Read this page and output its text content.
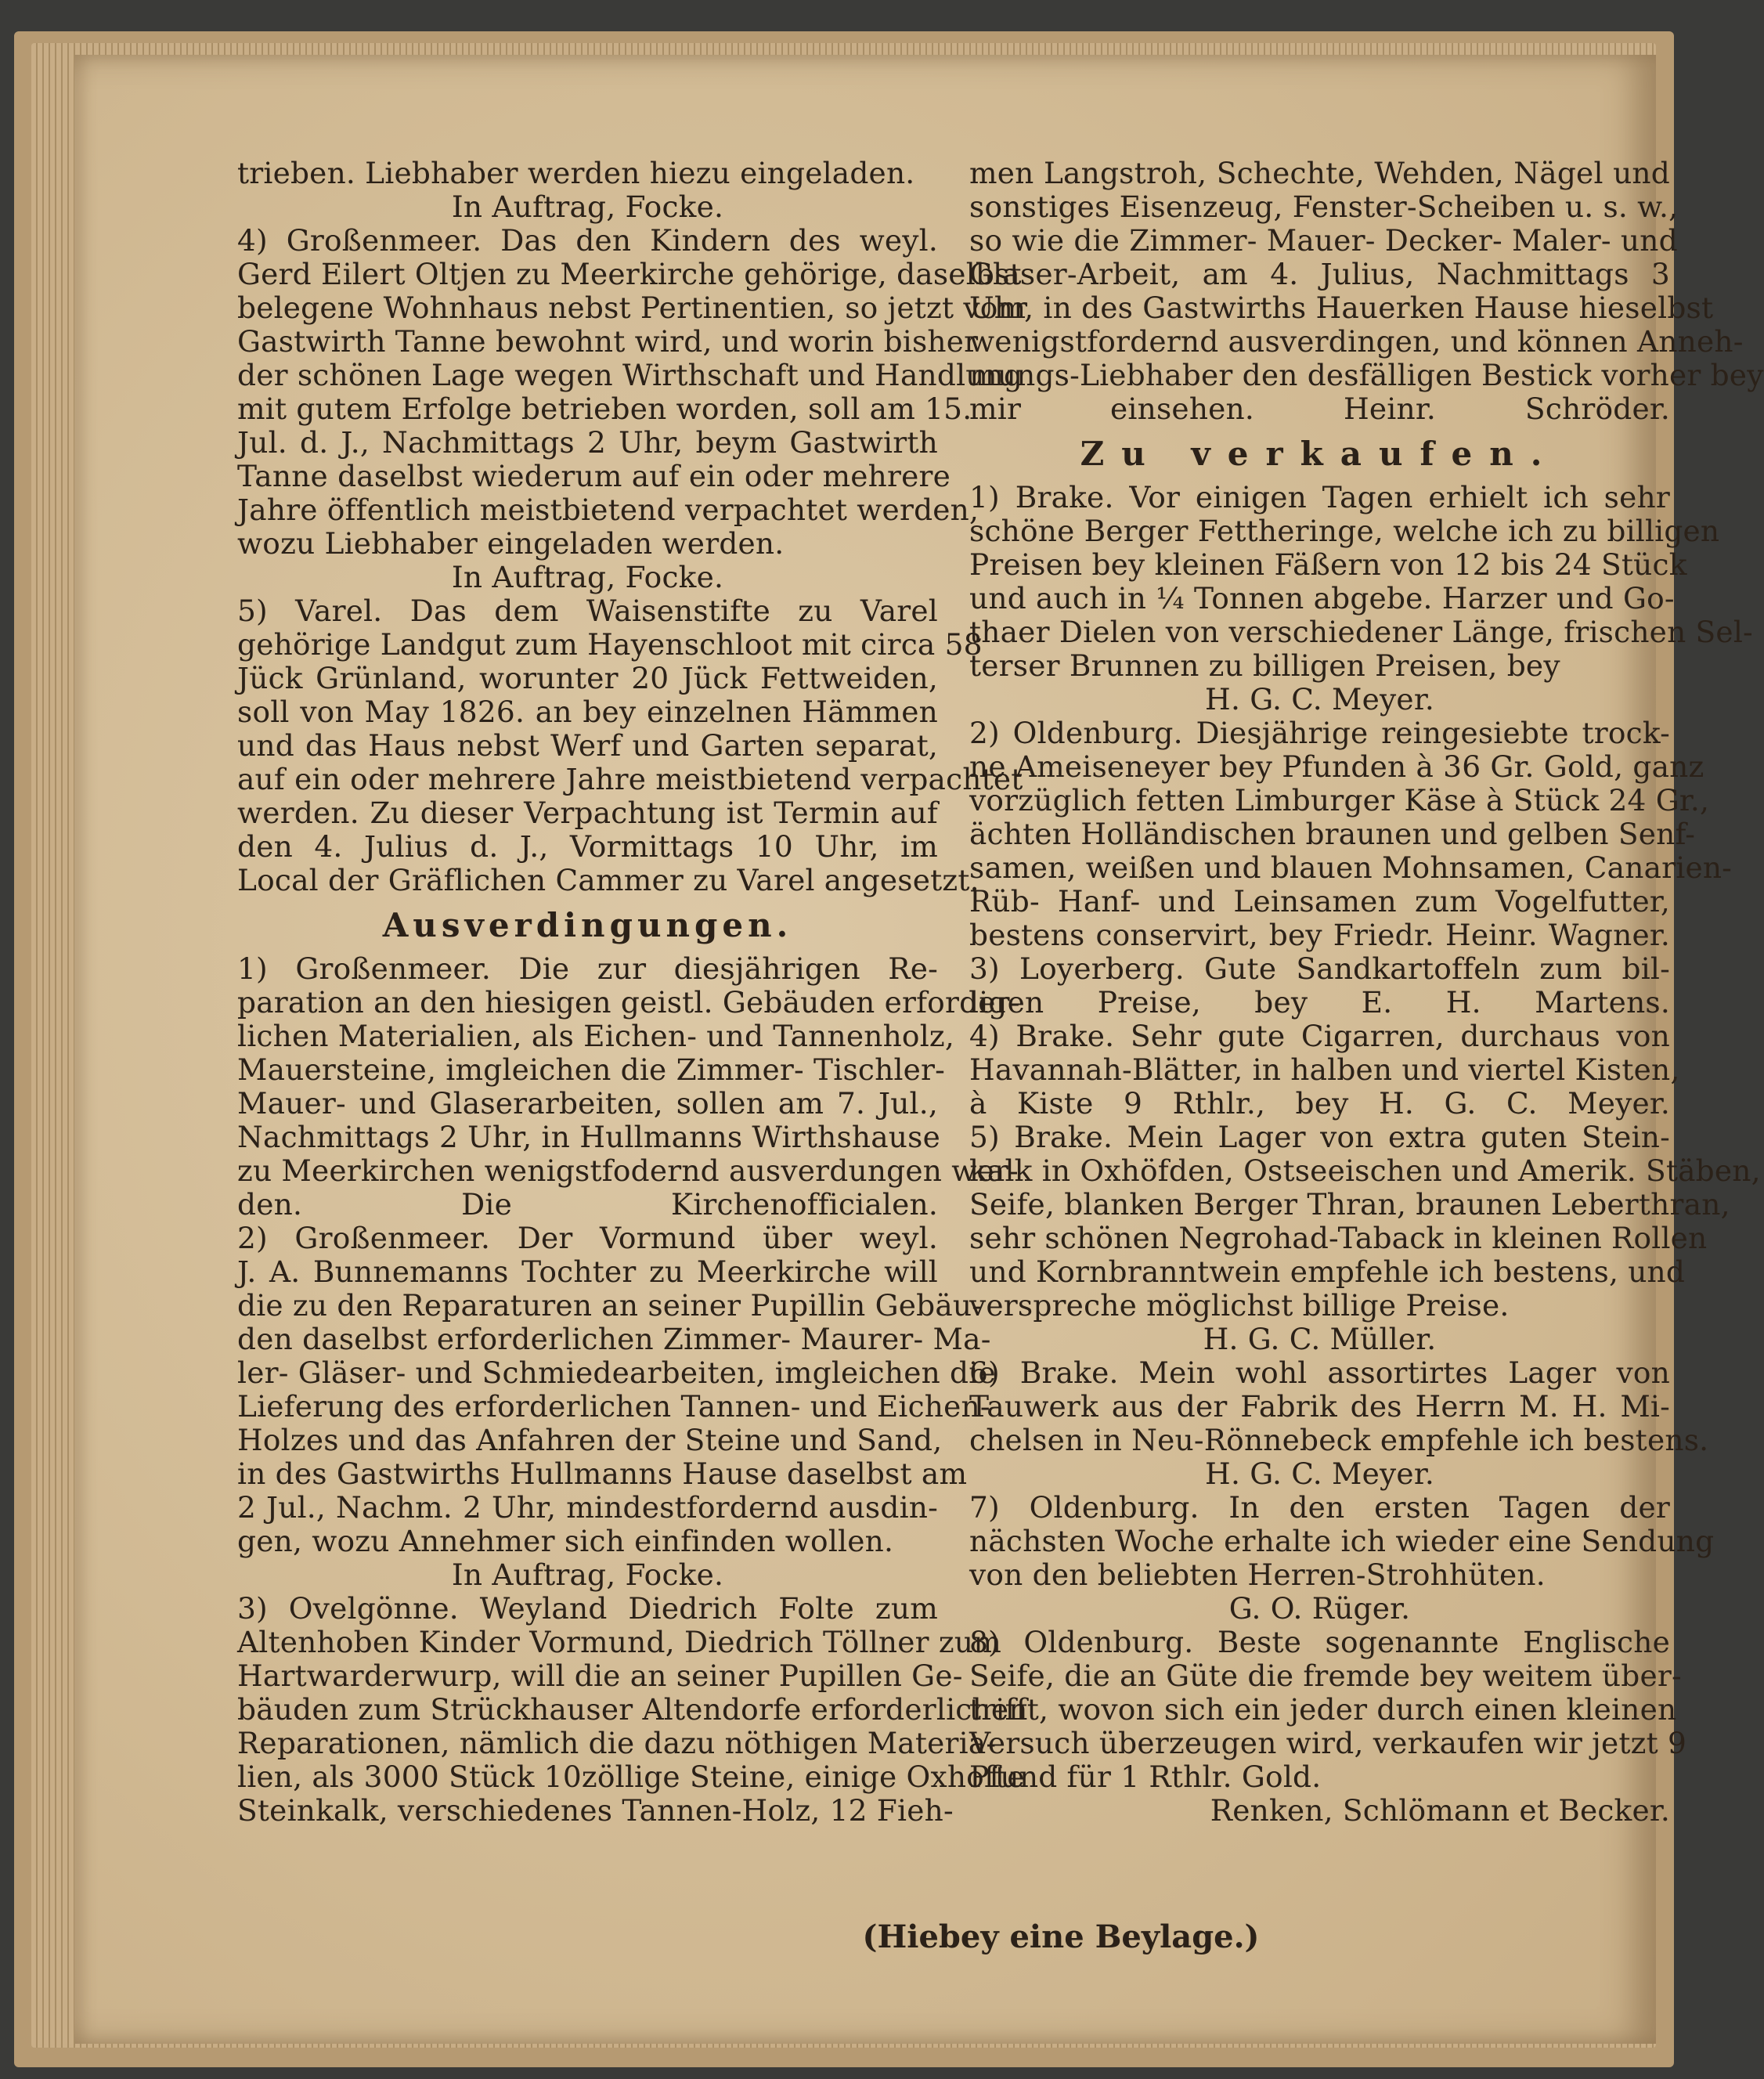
trieben. Liebhaber werden hiezu eingeladen.
In Auftrag, Focke.
4) Großenmeer. Das den Kindern des weyl.
Gerd Eilert Oltjen zu Meerkirche gehörige, daselbst
belegene Wohnhaus nebst Pertinentien, so jetzt vom
Gastwirth Tanne bewohnt wird, und worin bisher
der schönen Lage wegen Wirthschaft und Handlung
mit gutem Erfolge betrieben worden, soll am 15.
Jul. d. J., Nachmittags 2 Uhr, beym Gastwirth
Tanne daselbst wiederum auf ein oder mehrere
Jahre öffentlich meistbietend verpachtet werden,
wozu Liebhaber eingeladen werden.
In Auftrag, Focke.
5) Varel. Das dem Waisenstifte zu Varel
gehörige Landgut zum Hayenschloot mit circa 58
Jück Grünland, worunter 20 Jück Fettweiden,
soll von May 1826. an bey einzelnen Hämmen
und das Haus nebst Werf und Garten separat,
auf ein oder mehrere Jahre meistbietend verpachtet
werden. Zu dieser Verpachtung ist Termin auf
den 4. Julius d. J., Vormittags 10 Uhr, im
Local der Gräflichen Cammer zu Varel angesetzt.
Ausverdingungen.
1) Großenmeer. Die zur diesjährigen Re-
paration an den hiesigen geistl. Gebäuden erforder-
lichen Materialien, als Eichen- und Tannenholz,
Mauersteine, imgleichen die Zimmer- Tischler-
Mauer- und Glaserarbeiten, sollen am 7. Jul.,
Nachmittags 2 Uhr, in Hullmanns Wirthshause
zu Meerkirchen wenigstfodernd ausverdungen wer-
den. Die Kirchenofficialen.
2) Großenmeer. Der Vormund über weyl.
J. A. Bunnemanns Tochter zu Meerkirche will
die zu den Reparaturen an seiner Pupillin Gebäu-
den daselbst erforderlichen Zimmer- Maurer- Ma-
ler- Gläser- und Schmiedearbeiten, imgleichen die
Lieferung des erforderlichen Tannen- und Eichen-
Holzes und das Anfahren der Steine und Sand,
in des Gastwirths Hullmanns Hause daselbst am
2 Jul., Nachm. 2 Uhr, mindestfordernd ausdin-
gen, wozu Annehmer sich einfinden wollen.
In Auftrag, Focke.
3) Ovelgönne. Weyland Diedrich Folte zum
Altenhoben Kinder Vormund, Diedrich Töllner zum
Hartwarderwurp, will die an seiner Pupillen Ge-
bäuden zum Strückhauser Altendorfe erforderlichen
Reparationen, nämlich die dazu nöthigen Materia-
lien, als 3000 Stück 10zöllige Steine, einige Oxhofte
Steinkalk, verschiedenes Tannen-Holz, 12 Fieh-
men Langstroh, Schechte, Wehden, Nägel und
sonstiges Eisenzeug, Fenster-Scheiben u. s. w.,
so wie die Zimmer- Mauer- Decker- Maler- und
Glaser-Arbeit, am 4. Julius, Nachmittags 3
Uhr, in des Gastwirths Hauerken Hause hieselbst
wenigstfordernd ausverdingen, und können Anneh-
mungs-Liebhaber den desfälligen Bestick vorher bey
mir einsehen. Heinr. Schröder.
Zu verkaufen.
1) Brake. Vor einigen Tagen erhielt ich sehr
schöne Berger Fettheringe, welche ich zu billigen
Preisen bey kleinen Fäßern von 12 bis 24 Stück
und auch in ¼ Tonnen abgebe. Harzer und Go-
thaer Dielen von verschiedener Länge, frischen Sel-
terser Brunnen zu billigen Preisen, bey
H. G. C. Meyer.
2) Oldenburg. Diesjährige reingesiebte trock-
ne Ameiseneyer bey Pfunden à 36 Gr. Gold, ganz
vorzüglich fetten Limburger Käse à Stück 24 Gr.,
ächten Holländischen braunen und gelben Senf-
samen, weißen und blauen Mohnsamen, Canarien-
Rüb- Hanf- und Leinsamen zum Vogelfutter,
bestens conservirt, bey Friedr. Heinr. Wagner.
3) Loyerberg. Gute Sandkartoffeln zum bil-
ligen Preise, bey E. H. Martens.
4) Brake. Sehr gute Cigarren, durchaus von
Havannah-Blätter, in halben und viertel Kisten,
à Kiste 9 Rthlr., bey H. G. C. Meyer.
5) Brake. Mein Lager von extra guten Stein-
kalk in Oxhöfden, Ostseeischen und Amerik. Stäben,
Seife, blanken Berger Thran, braunen Leberthran,
sehr schönen Negrohad-Taback in kleinen Rollen
und Kornbranntwein empfehle ich bestens, und
verspreche möglichst billige Preise.
H. G. C. Müller.
6) Brake. Mein wohl assortirtes Lager von
Tauwerk aus der Fabrik des Herrn M. H. Mi-
chelsen in Neu-Rönnebeck empfehle ich bestens.
H. G. C. Meyer.
7) Oldenburg. In den ersten Tagen der
nächsten Woche erhalte ich wieder eine Sendung
von den beliebten Herren-Strohhüten.
G. O. Rüger.
8) Oldenburg. Beste sogenannte Englische
Seife, die an Güte die fremde bey weitem über-
trifft, wovon sich ein jeder durch einen kleinen
Versuch überzeugen wird, verkaufen wir jetzt 9
Pfund für 1 Rthlr. Gold.
Renken, Schlömann et Becker.
(Hiebey eine Beylage.)
